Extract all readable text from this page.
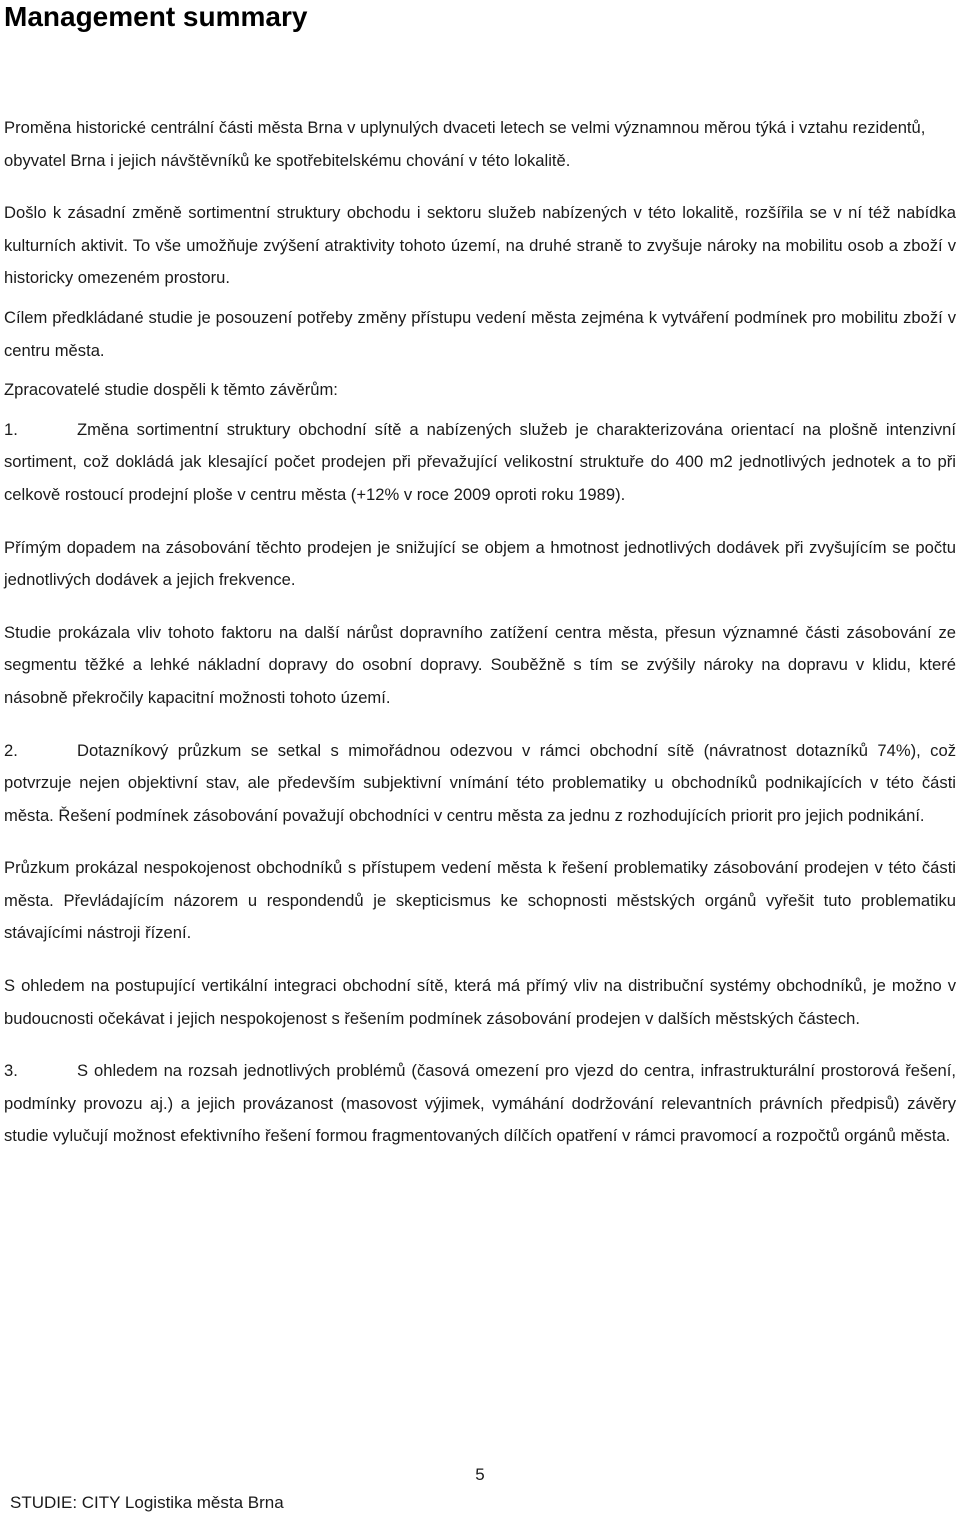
Management summary

Proměna historické centrální části města Brna v uplynulých dvaceti letech se velmi významnou měrou týká i vztahu rezidentů, obyvatel Brna i jejich návštěvníků ke spotřebitelskému chování v této lokalitě.

Došlo k zásadní změně sortimentní struktury obchodu i sektoru služeb nabízených v této lokalitě, rozšířila se v ní též nabídka kulturních aktivit. To vše umožňuje zvýšení atraktivity tohoto území, na druhé straně to zvyšuje nároky na mobilitu osob a zboží v historicky omezeném prostoru.

Cílem předkládané studie je posouzení potřeby změny přístupu vedení města zejména k vytváření podmínek pro mobilitu zboží v centru města.

Zpracovatelé studie dospěli k těmto závěrům:

1.	Změna sortimentní struktury obchodní sítě a nabízených služeb je charakterizována orientací na plošně intenzivní sortiment, což dokládá jak klesající počet prodejen při převažující velikostní struktuře do 400 m2 jednotlivých jednotek a to při celkově rostoucí prodejní ploše v centru města (+12% v roce 2009 oproti roku 1989).

Přímým dopadem na zásobování těchto prodejen je snižující se objem a hmotnost jednotlivých dodávek při zvyšujícím se počtu jednotlivých dodávek a jejich frekvence.

Studie prokázala vliv tohoto faktoru na další nárůst dopravního zatížení centra města, přesun významné části zásobování ze segmentu těžké a lehké nákladní dopravy do osobní dopravy. Souběžně s tím se zvýšily nároky na dopravu v klidu, které násobně překročily kapacitní možnosti tohoto území.

2.	Dotazníkový průzkum se setkal s mimořádnou odezvou v rámci obchodní sítě (návratnost dotazníků 74%), což potvrzuje nejen objektivní stav, ale především subjektivní vnímání této problematiky u obchodníků podnikajících v této části města. Řešení podmínek zásobování považují obchodníci v centru města za jednu z rozhodujících priorit pro jejich podnikání.

Průzkum prokázal nespokojenost obchodníků s přístupem vedení města k řešení problematiky zásobování prodejen v této části města. Převládajícím názorem u respondendů je skepticismus ke schopnosti městských orgánů vyřešit tuto problematiku stávajícími nástroji řízení.

S ohledem na postupující vertikální integraci obchodní sítě, která má přímý vliv na distribuční systémy obchodníků, je možno v budoucnosti očekávat i jejich nespokojenost s řešením podmínek zásobování prodejen v dalších městských částech.

3.	S ohledem na rozsah jednotlivých problémů (časová omezení pro vjezd do centra, infrastrukturální prostorová řešení, podmínky provozu aj.) a jejich provázanost (masovost výjimek, vymáhání dodržování relevantních právních předpisů) závěry studie vylučují možnost efektivního řešení formou fragmentovaných dílčích opatření v rámci pravomocí a rozpočtů orgánů města.

5
STUDIE: CITY Logistika města Brna
